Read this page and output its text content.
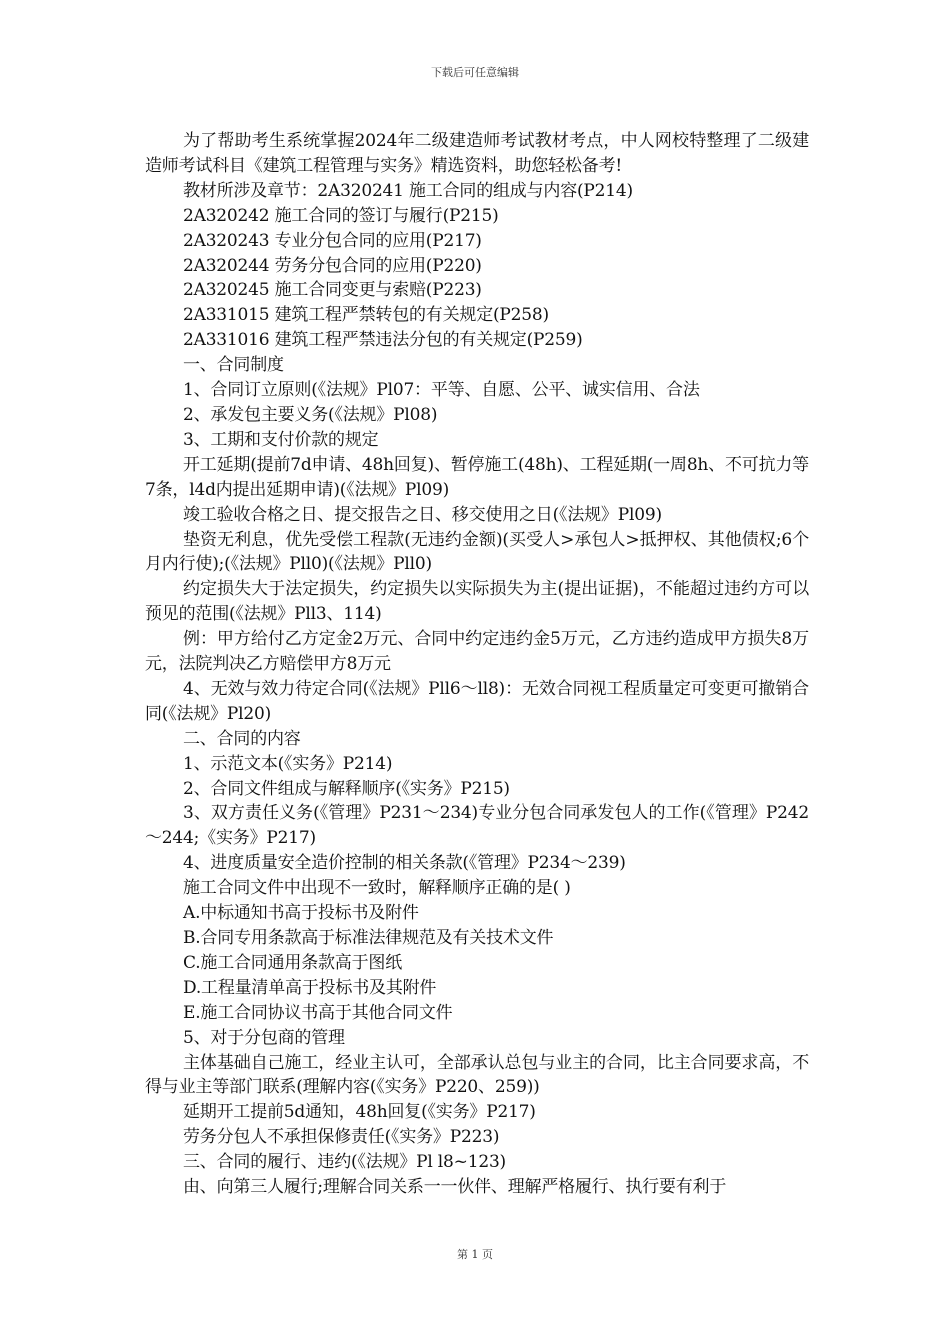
下载后可任意编辑

为了帮助考生系统掌握2024年二级建造师考试教材考点，中人网校特整理了二级建造师考试科目《建筑工程管理与实务》精选资料，助您轻松备考!

教材所涉及章节：2A320241 施工合同的组成与内容(P214)

2A320242 施工合同的签订与履行(P215)

2A320243 专业分包合同的应用(P217)

2A320244 劳务分包合同的应用(P220)

2A320245 施工合同变更与索赔(P223)

2A331015 建筑工程严禁转包的有关规定(P258)

2A331016 建筑工程严禁违法分包的有关规定(P259)

一、合同制度

1、合同订立原则(《法规》Pl07：平等、自愿、公平、诚实信用、合法

2、承发包主要义务(《法规》Pl08)

3、工期和支付价款的规定

开工延期(提前7d申请、48h回复)、暂停施工(48h)、工程延期(一周8h、不可抗力等7条，l4d内提出延期申请)(《法规》Pl09)

竣工验收合格之日、提交报告之日、移交使用之日(《法规》Pl09)

垫资无利息，优先受偿工程款(无违约金额)(买受人>承包人>抵押权、其他债权;6个月内行使);(《法规》Pll0)(《法规》Pll0)

约定损失大于法定损失，约定损失以实际损失为主(提出证据)，不能超过违约方可以预见的范围(《法规》Pll3、114)

例：甲方给付乙方定金2万元、合同中约定违约金5万元，乙方违约造成甲方损失8万元，法院判决乙方赔偿甲方8万元

4、无效与效力待定合同(《法规》Pll6～ll8)：无效合同视工程质量定可变更可撤销合同(《法规》Pl20)

二、合同的内容

1、示范文本(《实务》P214)

2、合同文件组成与解释顺序(《实务》P215)

3、双方责任义务(《管理》P231～234)专业分包合同承发包人的工作(《管理》P242～244;《实务》P217)

4、进度质量安全造价控制的相关条款(《管理》P234～239)

施工合同文件中出现不一致时，解释顺序正确的是( )

A.中标通知书高于投标书及附件

B.合同专用条款高于标准法律规范及有关技术文件

C.施工合同通用条款高于图纸

D.工程量清单高于投标书及其附件

E.施工合同协议书高于其他合同文件

5、对于分包商的管理

主体基础自己施工，经业主认可，全部承认总包与业主的合同，比主合同要求高，不得与业主等部门联系(理解内容(《实务》P220、259))

延期开工提前5d通知，48h回复(《实务》P217)

劳务分包人不承担保修责任(《实务》P223)

三、合同的履行、违约(《法规》Pl l8~123)

由、向第三人履行;理解合同关系一一伙伴、理解严格履行、执行要有利于

第 1 页
